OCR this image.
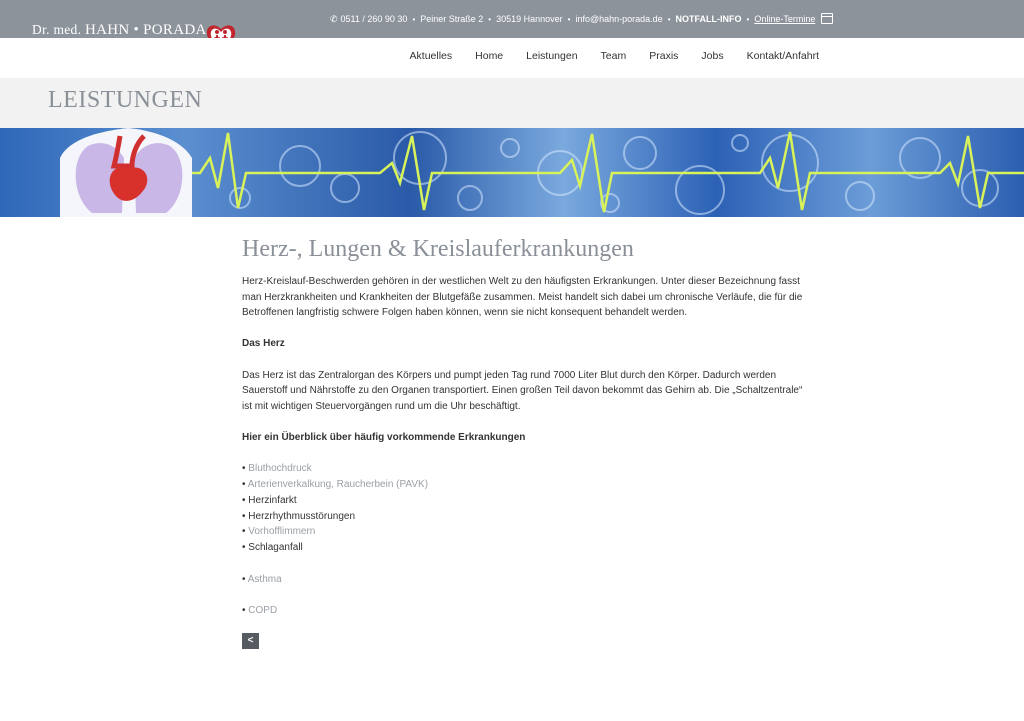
✆ 0511 / 260 90 30 • Peiner Straße 2 • 30519 Hannover • info@hahn-porada.de • NOTFALL-INFO • Online-Termine
Dr. med. HAHN • PORADA
Aktuelles Home Leistungen Team Praxis Jobs Kontakt/Anfahrt
LEISTUNGEN
Herz-, Lungen & Kreislauferkrankungen

Herz-Kreislauf-Beschwerden gehören in der westlichen Welt zu den häufigsten Erkrankungen. Unter dieser Bezeichnung fasst man Herzkrankheiten und Krankheiten der Blutgefäße zusammen. Meist handelt sich dabei um chronische Verläufe, die für die Betroffenen langfristig schwere Folgen haben können, wenn sie nicht konsequent behandelt werden.

Das Herz

Das Herz ist das Zentralorgan des Körpers und pumpt jeden Tag rund 7000 Liter Blut durch den Körper. Dadurch werden Sauerstoff und Nährstoffe zu den Organen transportiert. Einen großen Teil davon bekommt das Gehirn ab. Die „Schaltzentrale“ ist mit wichtigen Steuervorgängen rund um die Uhr beschäftigt.

Hier ein Überblick über häufig vorkommende Erkrankungen

• Bluthochdruck
• Arterienverkalkung, Raucherbein (PAVK)
• Herzinfarkt
• Herzrhythmusstörungen
• Vorhofflimmern
• Schlaganfall
• Asthma
• COPD
<
